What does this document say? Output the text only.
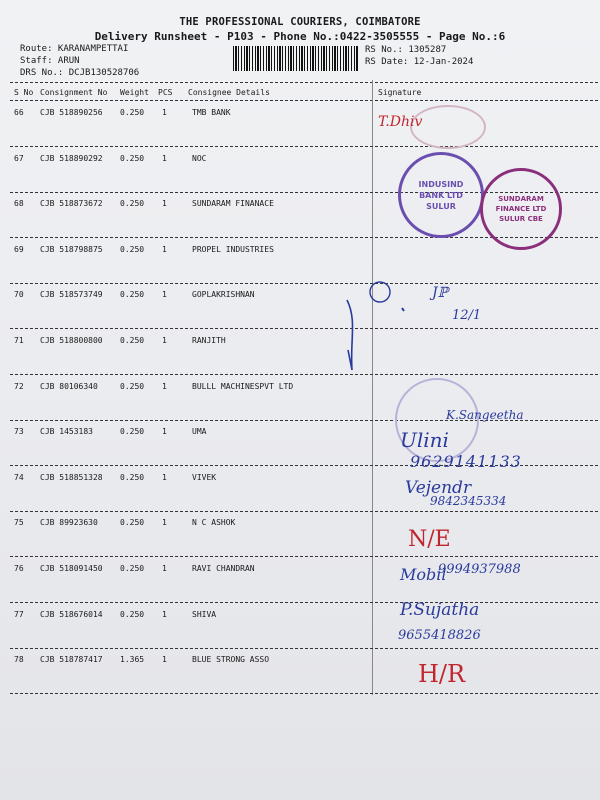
THE PROFESSIONAL COURIERS, COIMBATORE
Delivery Runsheet - P103 - Phone No.:0422-3505555 - Page No.:6
Route: KARANAMPETTAI
Staff: ARUN
DRS No.: DCJB130528706
RS No.: 1305287
RS Date: 12-Jan-2024
S No Consignment No Weight PCS Consignee Details	Signature
66 CJB 518890256 0.250 1	TMB BANK
67 CJB 518890292 0.250 1	NOC
68 CJB 518873672 0.250 1	SUNDARAM FINANACE
69 CJB 518798875 0.250 1	PROPEL INDUSTRIES
70 CJB 518573749 0.250 1	GOPLAKRISHNAN
71 CJB 518800800 0.250 1	RANJITH
72 CJB 80106340	0.250 1	BULLL MACHINESPVT LTD
73 CJB 1453183	0.250 1	UMA
74 CJB 518851328 0.250 1	VIVEK
75 CJB 89923630	0.250 1	N C ASHOK
76 CJB 518091450 0.250 1	RAVI CHANDRAN
77 CJB 518676014 0.250 1	SHIVA
78 CJB 518787417 1.365 1	BLUE STRONG ASSO
INDUSIND BANK LTD SULUR
SUNDARAM FINANCE LTD SULUR CBE
T.Dhiv
Jℙ
12/1
K.Sangeetha
Ulini
9629141133
Vejendr
9842345334
N/E
Mobil
9994937988
P.Sujatha
9655418826
H/R
